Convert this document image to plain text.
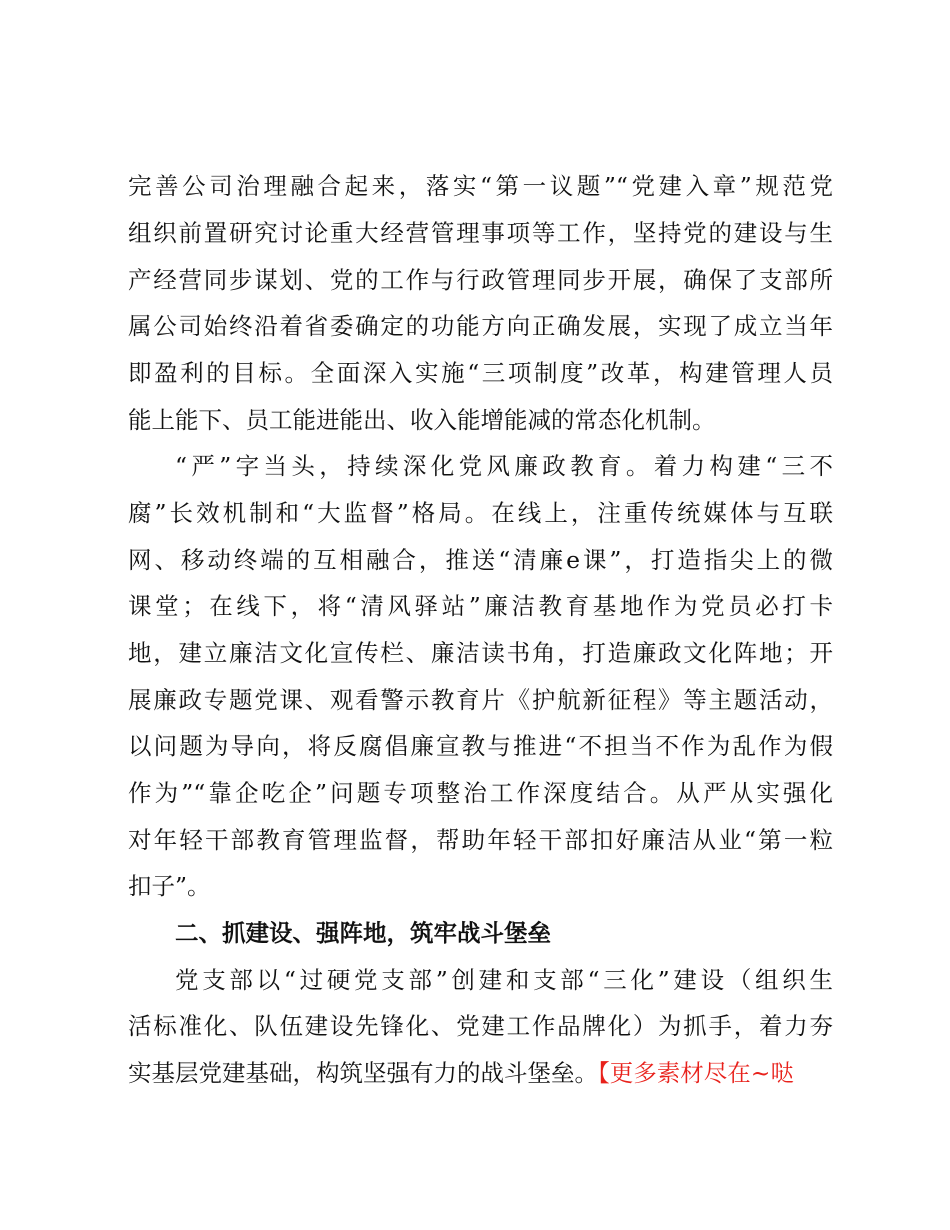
完善公司治理融合起来，落实“第一议题”“党建入章”规范党
组织前置研究讨论重大经营管理事项等工作，坚持党的建设与生
产经营同步谋划、党的工作与行政管理同步开展，确保了支部所
属公司始终沿着省委确定的功能方向正确发展，实现了成立当年
即盈利的目标。全面深入实施“三项制度”改革，构建管理人员
能上能下、员工能进能出、收入能增能减的常态化机制。
“严”字当头，持续深化党风廉政教育。着力构建“三不
腐”长效机制和“大监督”格局。在线上，注重传统媒体与互联
网、移动终端的互相融合，推送“清廉e课”，打造指尖上的微
课堂；在线下，将“清风驿站”廉洁教育基地作为党员必打卡
地，建立廉洁文化宣传栏、廉洁读书角，打造廉政文化阵地；开
展廉政专题党课、观看警示教育片《护航新征程》等主题活动，
以问题为导向，将反腐倡廉宣教与推进“不担当不作为乱作为假
作为”“靠企吃企”问题专项整治工作深度结合。从严从实强化
对年轻干部教育管理监督，帮助年轻干部扣好廉洁从业“第一粒
扣子”。
二、抓建设、强阵地，筑牢战斗堡垒
党支部以“过硬党支部”创建和支部“三化”建设（组织生
活标准化、队伍建设先锋化、党建工作品牌化）为抓手，着力夯
实基层党建基础，构筑坚强有力的战斗堡垒。【更多素材尽在~哒
